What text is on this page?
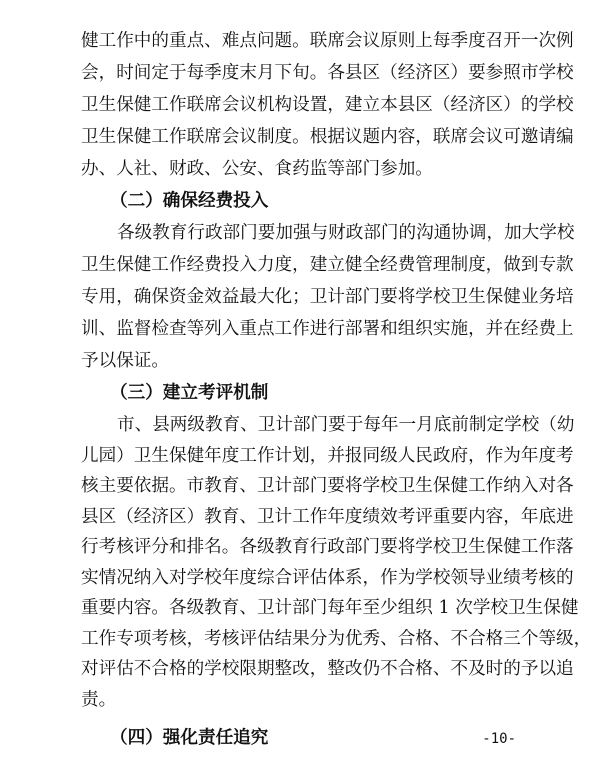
健工作中的重点、难点问题。联席会议原则上每季度召开一次例
会，时间定于每季度末月下旬。各县区（经济区）要参照市学校
卫生保健工作联席会议机构设置，建立本县区（经济区）的学校
卫生保健工作联席会议制度。根据议题内容，联席会议可邀请编
办、人社、财政、公安、食药监等部门参加。
（二）确保经费投入
各级教育行政部门要加强与财政部门的沟通协调，加大学校
卫生保健工作经费投入力度，建立健全经费管理制度，做到专款
专用，确保资金效益最大化；卫计部门要将学校卫生保健业务培
训、监督检查等列入重点工作进行部署和组织实施，并在经费上
予以保证。
（三）建立考评机制
市、县两级教育、卫计部门要于每年一月底前制定学校（幼
儿园）卫生保健年度工作计划，并报同级人民政府，作为年度考
核主要依据。市教育、卫计部门要将学校卫生保健工作纳入对各
县区（经济区）教育、卫计工作年度绩效考评重要内容，年底进
行考核评分和排名。各级教育行政部门要将学校卫生保健工作落
实情况纳入对学校年度综合评估体系，作为学校领导业绩考核的
重要内容。各级教育、卫计部门每年至少组织 1 次学校卫生保健
工作专项考核，考核评估结果分为优秀、合格、不合格三个等级，
对评估不合格的学校限期整改，整改仍不合格、不及时的予以追
责。
（四）强化责任追究	-10-
